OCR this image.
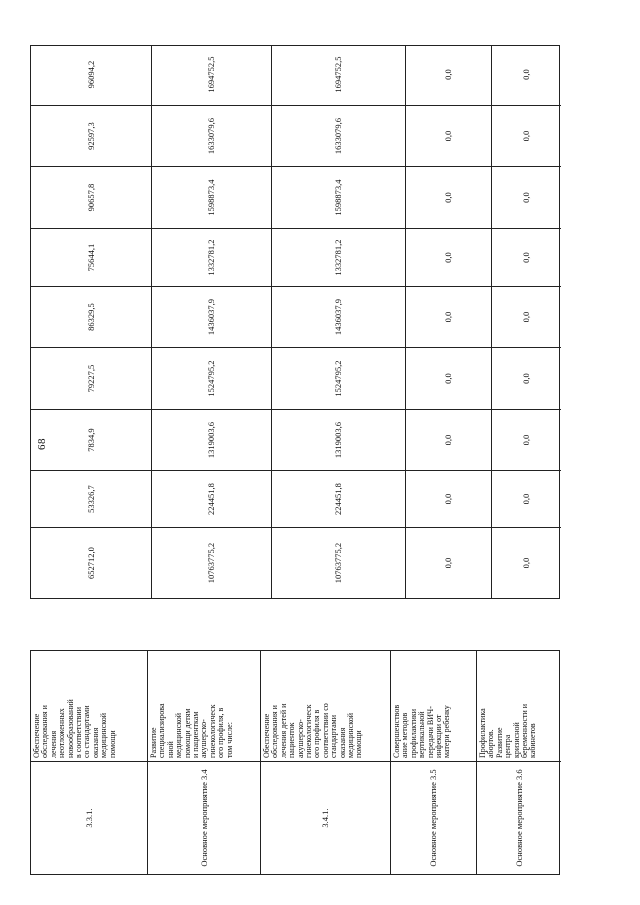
68
3.3.1.
Обеспечение
обследования и
лечения
неотложенных
новообразований
в соответствии
со стандартами
оказания
медицинской
помощи
Основное мероприятие 3.4
Развитие
специализирова
нной
медицинской
помощи детям
и пациенткам
акушерско-
гинекологическ
ого профиля, в
том числе:
3.4.1.
Обеспечение
обследования и
лечения детей и
пациенток
акушерско-
гинекологическ
ого профиля в
соответствии со
стандартами
оказания
медицинской
помощи
Основное мероприятие 3.5
Совершенствов
ание методов
профилактики
вертикальной
передачи ВИЧ-
инфекции от
матери ребенку
Основное мероприятие 3.6
Профилактика
абортов.
Развитие
центра
кризисной
беременности и
кабинетов
652712,0
53326,7
7834,9
79227,5
86329,5
75644,1
90657,8
92597,3
96094,2
10763775,2
224451,8
1319003,6
1524795,2
1436037,9
1332781,2
1598873,4
1633079,6
1694752,5
10763775,2
224451,8
1319003,6
1524795,2
1436037,9
1332781,2
1598873,4
1633079,6
1694752,5
0,0
0,0
0,0
0,0
0,0
0,0
0,0
0,0
0,0
0,0
0,0
0,0
0,0
0,0
0,0
0,0
0,0
0,0
